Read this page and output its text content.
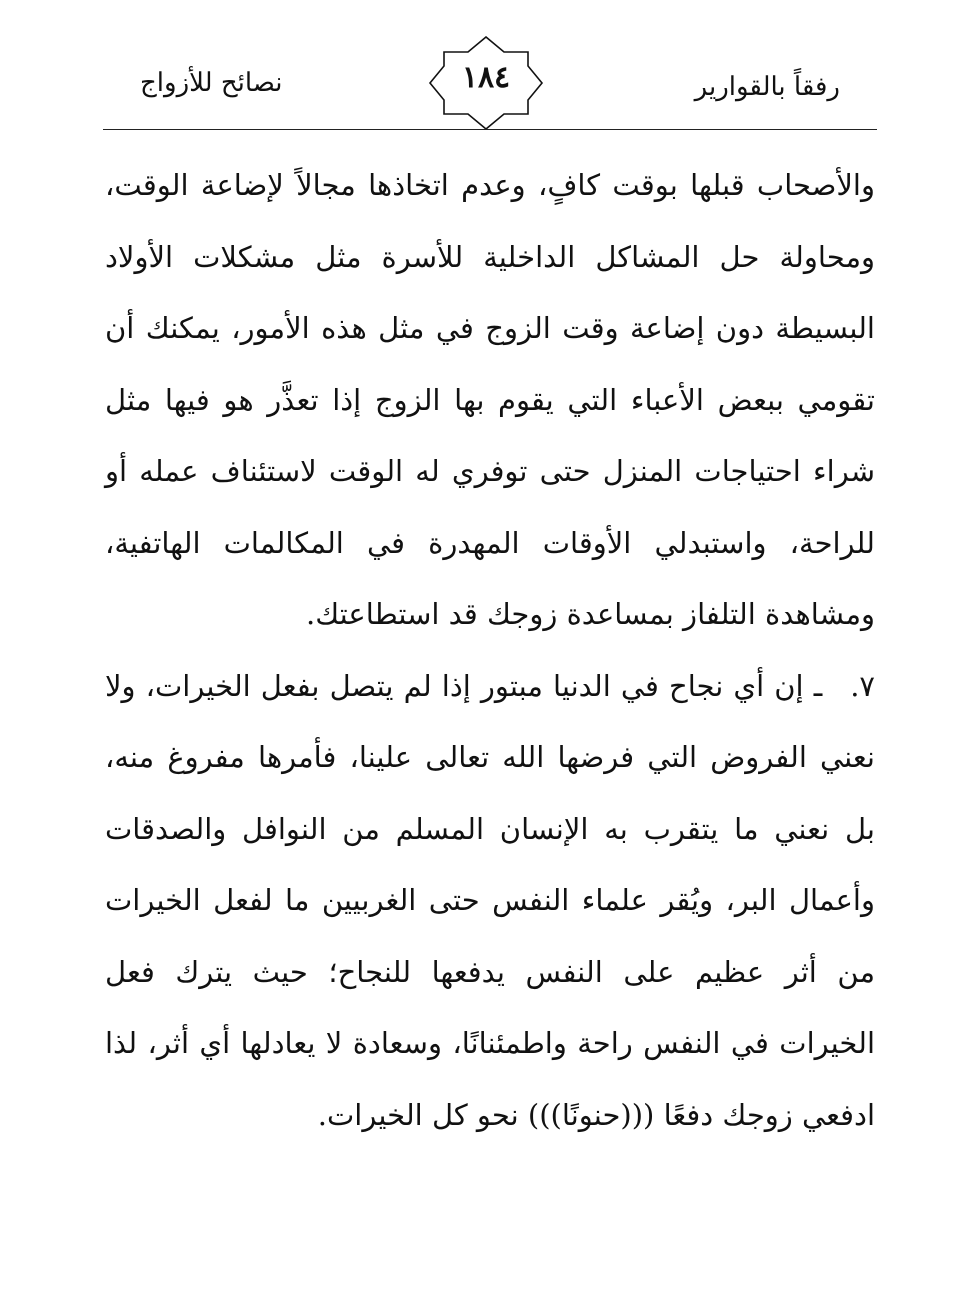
نصائح للأزواج	١٨٤	رفقاً بالقوارير

والأصحاب قبلها بوقت كافٍ، وعدم اتخاذها مجالاً لإضاعة الوقت، ومحاولة حل المشاكل الداخلية للأسرة مثل مشكلات الأولاد البسيطة دون إضاعة وقت الزوج في مثل هذه الأمور، يمكنك أن تقومي ببعض الأعباء التي يقوم بها الزوج إذا تعذَّر هو فيها مثل شراء احتياجات المنزل حتى توفري له الوقت لاستئناف عمله أو للراحة، واستبدلي الأوقات المهدرة في المكالمات الهاتفية، ومشاهدة التلفاز بمساعدة زوجك قد استطاعتك.

٧.ـ إن أي نجاح في الدنيا مبتور إذا لم يتصل بفعل الخيرات، ولا نعني الفروض التي فرضها الله تعالى علينا، فأمرها مفروغ منه، بل نعني ما يتقرب به الإنسان المسلم من النوافل والصدقات وأعمال البر، ويُقر علماء النفس حتى الغربيين ما لفعل الخيرات من أثر عظيم على النفس يدفعها للنجاح؛ حيث يترك فعل الخيرات في النفس راحة واطمئنانًا، وسعادة لا يعادلها أي أثر، لذا ادفعي زوجك دفعًا (((حنونًا))) نحو كل الخيرات.
